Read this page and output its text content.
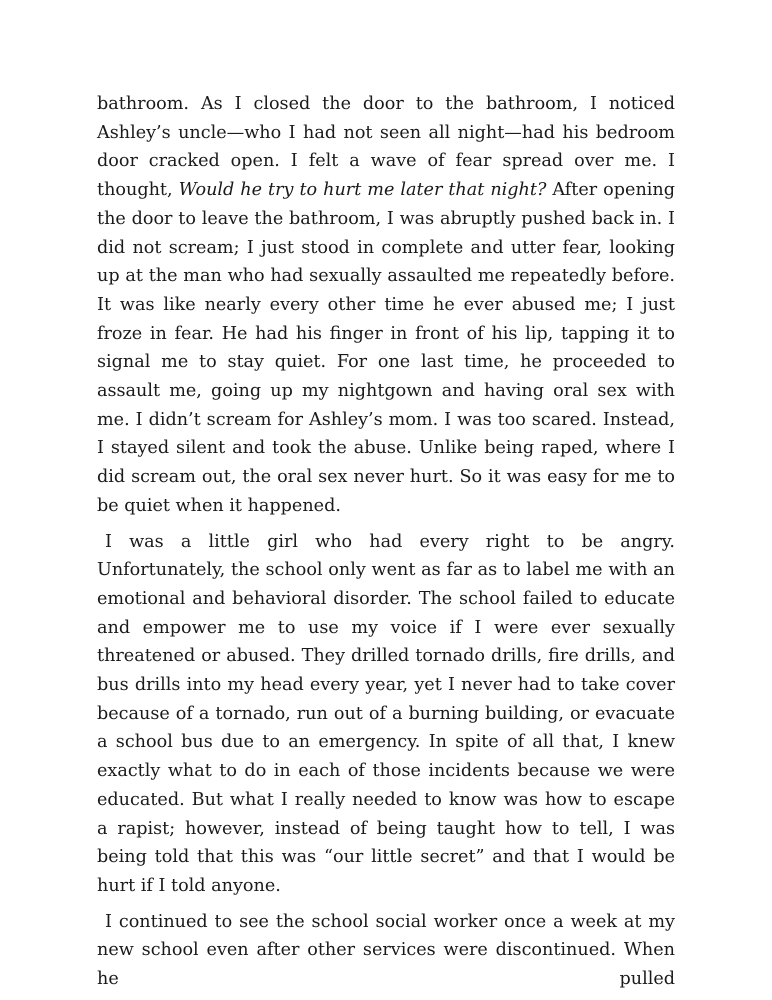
bathroom. As I closed the door to the bathroom, I noticed Ashley’s uncle—who I had not seen all night—had his bedroom door cracked open. I felt a wave of fear spread over me. I thought, Would he try to hurt me later that night? After opening the door to leave the bathroom, I was abruptly pushed back in. I did not scream; I just stood in complete and utter fear, looking up at the man who had sexually assaulted me repeatedly before. It was like nearly every other time he ever abused me; I just froze in fear. He had his finger in front of his lip, tapping it to signal me to stay quiet. For one last time, he proceeded to assault me, going up my nightgown and having oral sex with me. I didn’t scream for Ashley’s mom. I was too scared. Instead, I stayed silent and took the abuse. Unlike being raped, where I did scream out, the oral sex never hurt. So it was easy for me to be quiet when it happened.

I was a little girl who had every right to be angry. Unfortunately, the school only went as far as to label me with an emotional and behavioral disorder. The school failed to educate and empower me to use my voice if I were ever sexually threatened or abused. They drilled tornado drills, fire drills, and bus drills into my head every year, yet I never had to take cover because of a tornado, run out of a burning building, or evacuate a school bus due to an emergency. In spite of all that, I knew exactly what to do in each of those incidents because we were educated. But what I really needed to know was how to escape a rapist; however, instead of being taught how to tell, I was being told that this was “our little secret” and that I would be hurt if I told anyone.

I continued to see the school social worker once a week at my new school even after other services were discontinued. When he pulled
